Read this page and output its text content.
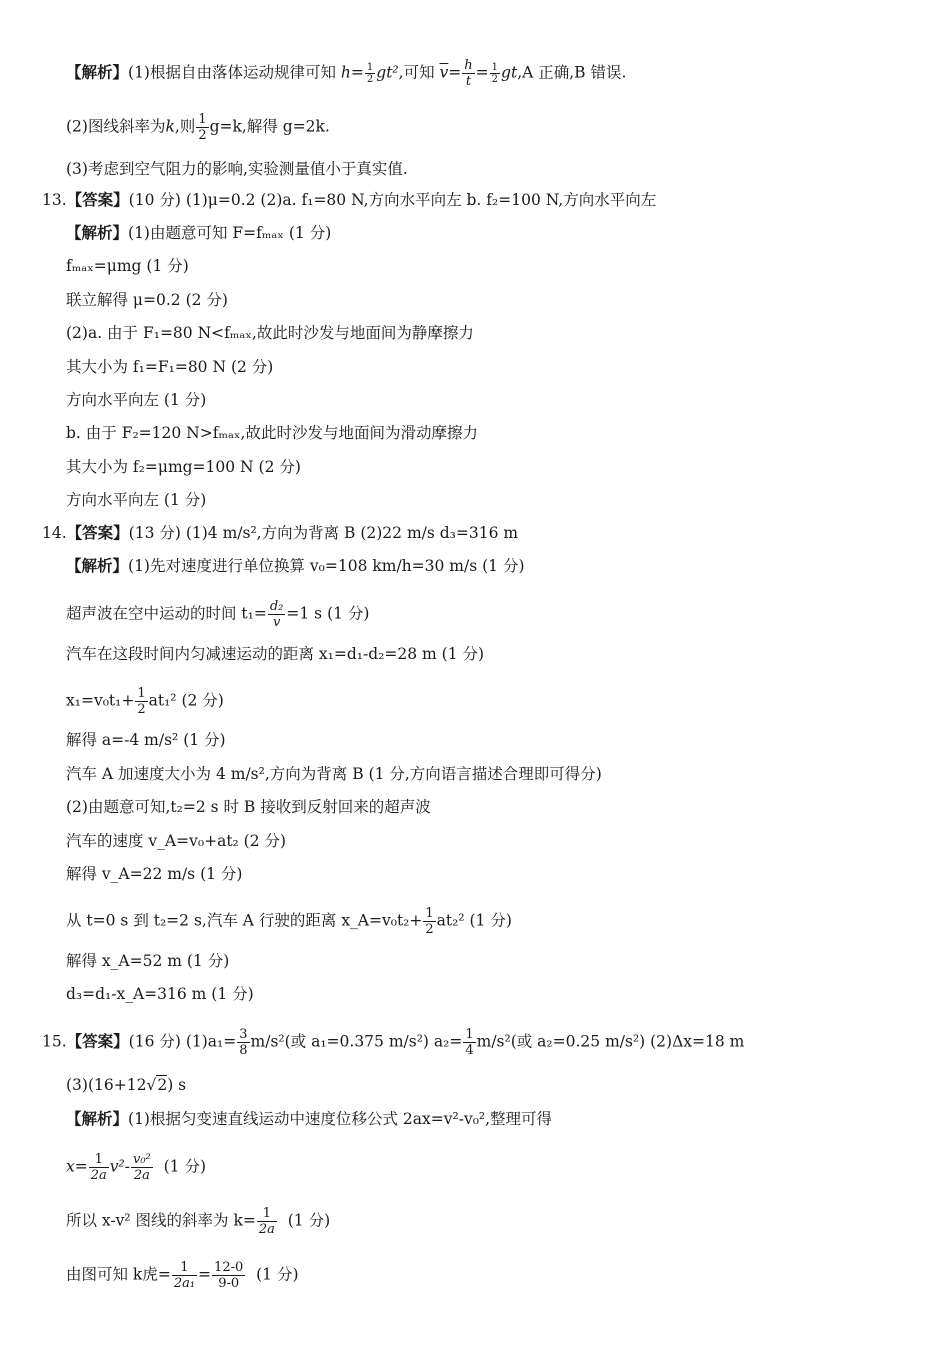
【解析】(1)根据自由落体运动规律可知 $h= \frac{1}{2} gt^2$,可知 $\overline{v}= \frac{h}{t} = \frac{1}{2} gt,A$ 正确,B 错误.
(2)图线斜率为k,则 $\frac{1}{2} g=k$,解得 g=2k.
(3)考虑到空气阻力的影响,实验测量值小于真实值.
13.【答案】(10 分) (1)μ=0.2 (2)a. f₁=80 N,方向水平向左 b. f₂=100 N,方向水平向左
【解析】(1)由题意可知 F=fₘₐₓ (1 分)
fₘₐₓ=μmg (1 分)
联立解得 μ=0.2 (2 分)
(2)a. 由于 F₁=80 N<fₘₐₓ,故此时沙发与地面间为静摩擦力
其大小为 f₁=F₁=80 N (2 分)
方向水平向左 (1 分)
b. 由于 F₂=120 N>fₘₐₓ,故此时沙发与地面间为滑动摩擦力
其大小为 f₂=μmg=100 N (2 分)
方向水平向左 (1 分)
14.【答案】(13 分) (1)4 m/s²,方向为背离 B (2)22 m/s d₃=316 m
【解析】(1)先对速度进行单位换算 v₀=108 km/h=30 m/s (1 分)
超声波在空中运动的时间 $t_1= \frac{\text{d₂}}{v} =1$ s (1 分)
汽车在这段时间内匀减速运动的距离 x₁=d₁-d₂=28 m (1 分)
$x_1=v_0t_1+ \frac{1}{2} at_1^2$ (2 分)
解得 a=-4 m/s² (1 分)
汽车 A 加速度大小为 4 m/s²,方向为背离 B (1 分,方向语言描述合理即可得分)
(2)由题意可知,t₂=2 s 时 B 接收到反射回来的超声波
汽车的速度 v_A=v₀+at₂ (2 分)
解得 v_A=22 m/s (1 分)
从 t=0 s 到 t₂=2 s,汽车 A 行驶的距离 x_A=v₀t₂+ $\frac{1}{2} at_2^2$ (1 分)
解得 x_A=52 m (1 分)
d₃=d₁-x_A=316 m (1 分)
15.【答案】(16 分) $(1)a_1= \frac{3}{8} m/s^2$(或 a₁=0.375 m/s²) $a_2= \frac{1}{4} m/s^2$(或 a₂=0.25 m/s²) (2)Δx=18 m
(3)(16+12√2) s
【解析】(1)根据匀变速直线运动中速度位移公式 2ax=v²-v₀²,整理可得
$x= \frac{1}{2a} v^2- \frac{\text{v₀²}}{2a} (1$ 分)
所以 x-v² 图线的斜率为 $k= \frac{1}{2a} (1$ 分)
由图可知 k虎= $\frac{1}{\text{2a₁}} = \frac{12-0}{9-0} (1$ 分)
